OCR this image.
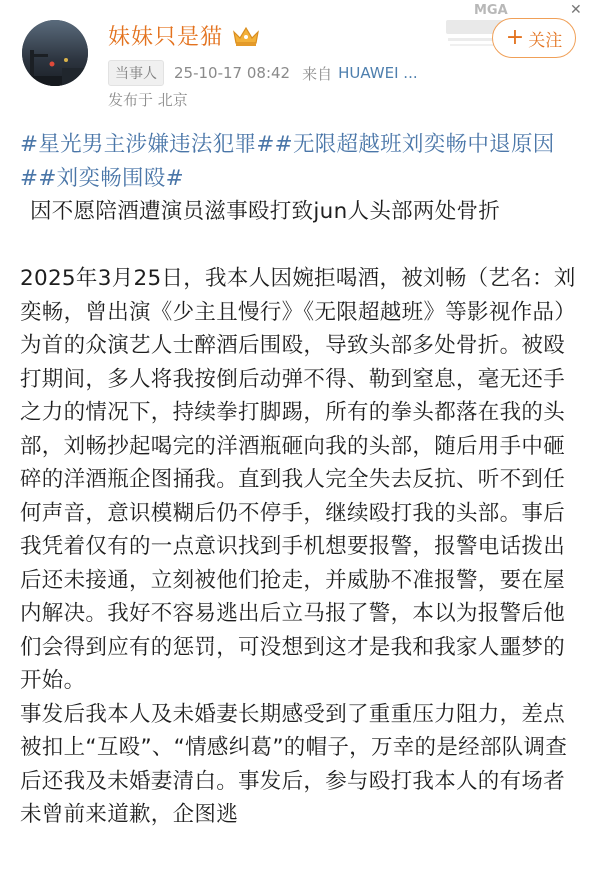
妹妹只是猫
当事人	25-10-17 08:42 来自 HUAWEI ...
发布于 北京
MGA	✕
+ 关注
#星光男主涉嫌违法犯罪##无限超越班刘奕畅中退原因##刘奕畅围殴#
因不愿陪酒遭演员滋事殴打致jun人头部两处骨折
2025年3月25日，我本人因婉拒喝酒，被刘畅（艺名：刘奕畅，曾出演《少主且慢行》《无限超越班》等影视作品）为首的众演艺人士醉酒后围殴，导致头部多处骨折。被殴打期间，多人将我按倒后动弹不得、勒到窒息，毫无还手之力的情况下，持续拳打脚踢，所有的拳头都落在我的头部，刘畅抄起喝完的洋酒瓶砸向我的头部，随后用手中砸碎的洋酒瓶企图捅我。直到我人完全失去反抗、听不到任何声音，意识模糊后仍不停手，继续殴打我的头部。事后我凭着仅有的一点意识找到手机想要报警，报警电话拨出后还未接通，立刻被他们抢走，并威胁不准报警，要在屋内解决。我好不容易逃出后立马报了警，本以为报警后他们会得到应有的惩罚，可没想到这才是我和我家人噩梦的开始。
事发后我本人及未婚妻长期感受到了重重压力阻力，差点被扣上“互殴”、“情感纠葛”的帽子，万幸的是经部队调查后还我及未婚妻清白。事发后，参与殴打我本人的有场者未曾前来道歉，企图逃
